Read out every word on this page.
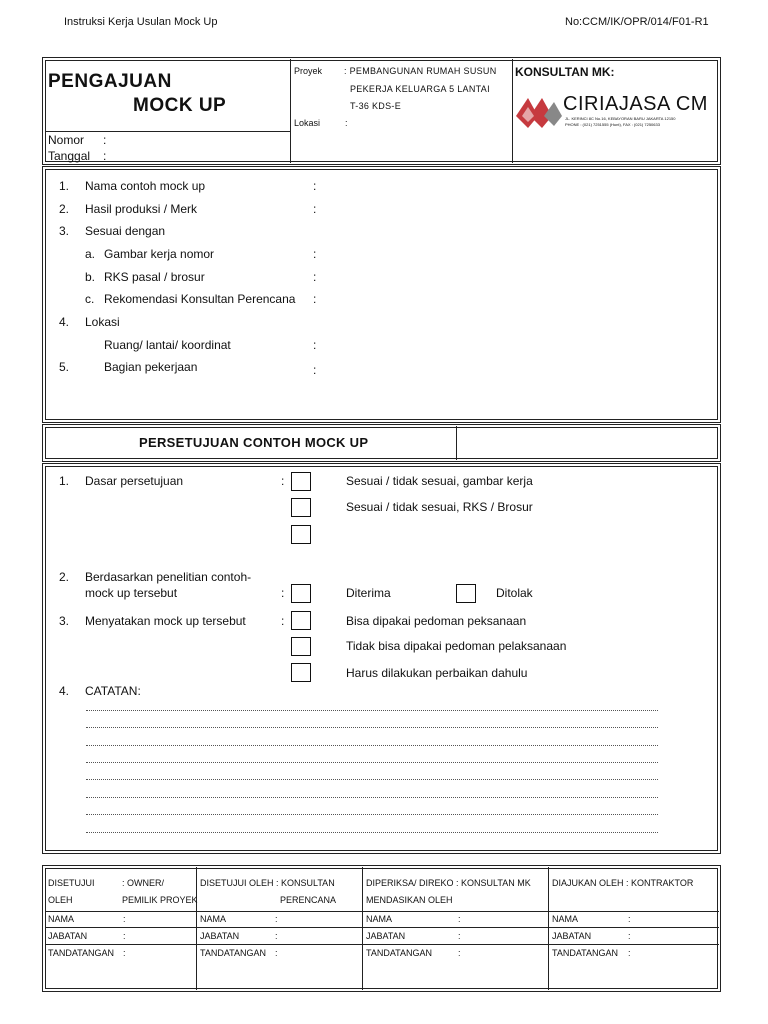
Instruksi Kerja Usulan Mock Up	No:CCM/IK/OPR/014/F01-R1
PENGAJUAN
MOCK UP
Nomor :
Tanggal :
Proyek : PEMBANGUNAN RUMAH SUSUN
PEKERJA KELUARGA 5 LANTAI
T-36 KDS-E
Lokasi	:
KONSULTAN MK:
CIRIAJASA CM
JL. KERINCI 8C No.16, KEBAYORAN BARU JAKARTA 12150
PHONE : (021) 7251555 (Hunt), FAX : (021) 7250633
1. Nama contoh mock up	:
2. Hasil produksi / Merk	:
3. Sesuai dengan
a. Gambar kerja nomor	:
b. RKS pasal / brosur	:
c. Rekomendasi Konsultan Perencana :
4. Lokasi
Ruang/ lantai/ koordinat	:
5.	Bagian pekerjaan	:
PERSETUJUAN CONTOH MOCK UP
1. Dasar persetujuan	:	Sesuai / tidak sesuai, gambar kerja
Sesuai / tidak sesuai, RKS / Brosur
2. Berdasarkan penelitian contoh-
mock up tersebut	:	Diterima	Ditolak
3. Menyatakan mock up tersebut	:	Bisa dipakai pedoman peksanaan
Tidak bisa dipakai pedoman pelaksanaan
Harus dilakukan perbaikan dahulu
4. CATATAN:
DISETUJUI	: OWNER/
OLEH	PEMILIK PROYEK
DISETUJUI OLEH : KONSULTAN
PERENCANA
DIPERIKSA/ DIREKO : KONSULTAN MK
MENDASIKAN OLEH
DIAJUKAN OLEH : KONTRAKTOR
NAMA	:	NAMA	:	NAMA	:	NAMA	:
JABATAN	:	JABATAN	:	JABATAN	:	JABATAN	:
TANDATANGAN :	TANDATANGAN :	TANDATANGAN	:	TANDATANGAN :
